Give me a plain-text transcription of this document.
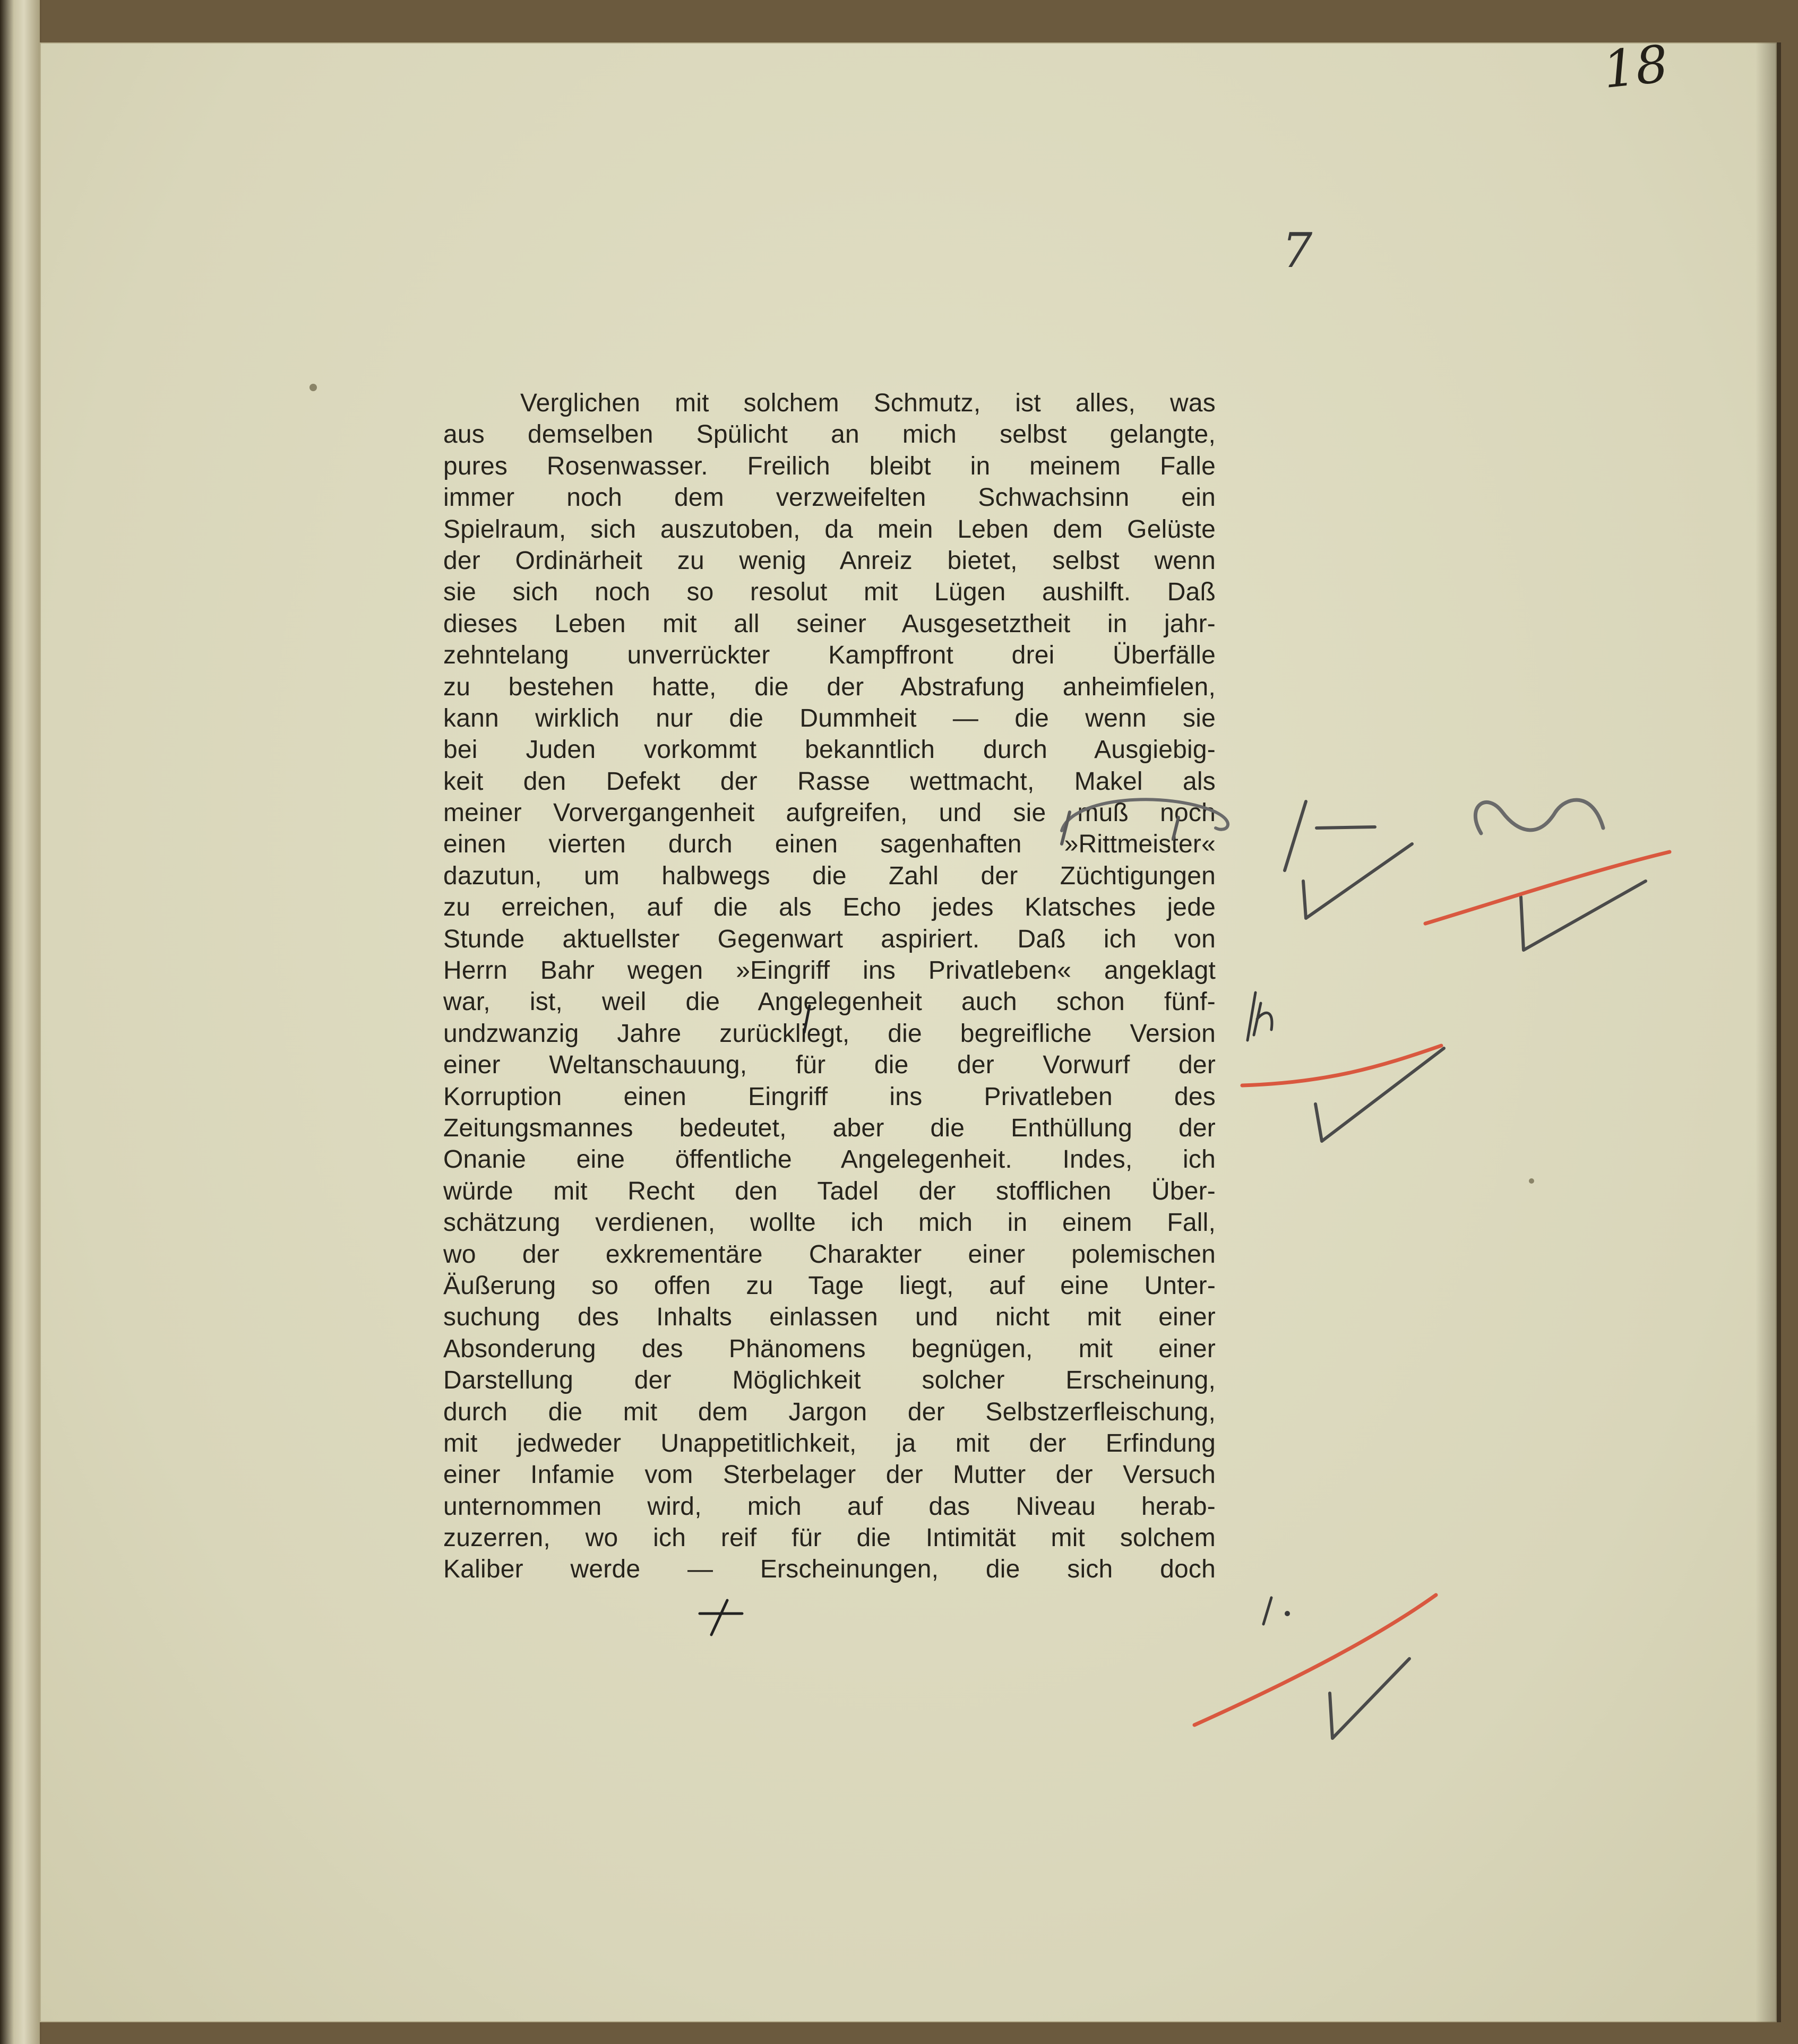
18
7
Verglichen mit solchem Schmutz, ist alles, was
aus demselben Spülicht an mich selbst gelangte,
pures Rosenwasser. Freilich bleibt in meinem Falle
immer noch dem verzweifelten Schwachsinn ein
Spielraum, sich auszutoben, da mein Leben dem Gelüste
der Ordinärheit zu wenig Anreiz bietet, selbst wenn
sie sich noch so resolut mit Lügen aushilft. Daß
dieses Leben mit all seiner Ausgesetztheit in jahr-
zehntelang unverrückter Kampffront drei Überfälle
zu bestehen hatte, die der Abstrafung anheimfielen,
kann wirklich nur die Dummheit — die wenn sie
bei Juden vorkommt bekanntlich durch Ausgiebig-
keit den Defekt der Rasse wettmacht, Makel als
meiner Vorvergangenheit aufgreifen, und sie muß noch
einen vierten durch einen sagenhaften »Rittmeister«
dazutun, um halbwegs die Zahl der Züchtigungen
zu erreichen, auf die als Echo jedes Klatsches jede
Stunde aktuellster Gegenwart aspiriert. Daß ich von
Herrn Bahr wegen »Eingriff ins Privatleben« angeklagt
war, ist, weil die Angelegenheit auch schon fünf-
undzwanzig Jahre zurückliegt, die begreifliche Version
einer Weltanschauung, für die der Vorwurf der
Korruption einen Eingriff ins Privatleben des
Zeitungsmannes bedeutet, aber die Enthüllung der
Onanie eine öffentliche Angelegenheit. Indes, ich
würde mit Recht den Tadel der stofflichen Über-
schätzung verdienen, wollte ich mich in einem Fall,
wo der exkrementäre Charakter einer polemischen
Äußerung so offen zu Tage liegt, auf eine Unter-
suchung des Inhalts einlassen und nicht mit einer
Absonderung des Phänomens begnügen, mit einer
Darstellung der Möglichkeit solcher Erscheinung,
durch die mit dem Jargon der Selbstzerfleischung,
mit jedweder Unappetitlichkeit, ja mit der Erfindung
einer Infamie vom Sterbelager der Mutter der Versuch
unternommen wird, mich auf das Niveau herab-
zuzerren, wo ich reif für die Intimität mit solchem
Kaliber werde — Erscheinungen, die sich doch
